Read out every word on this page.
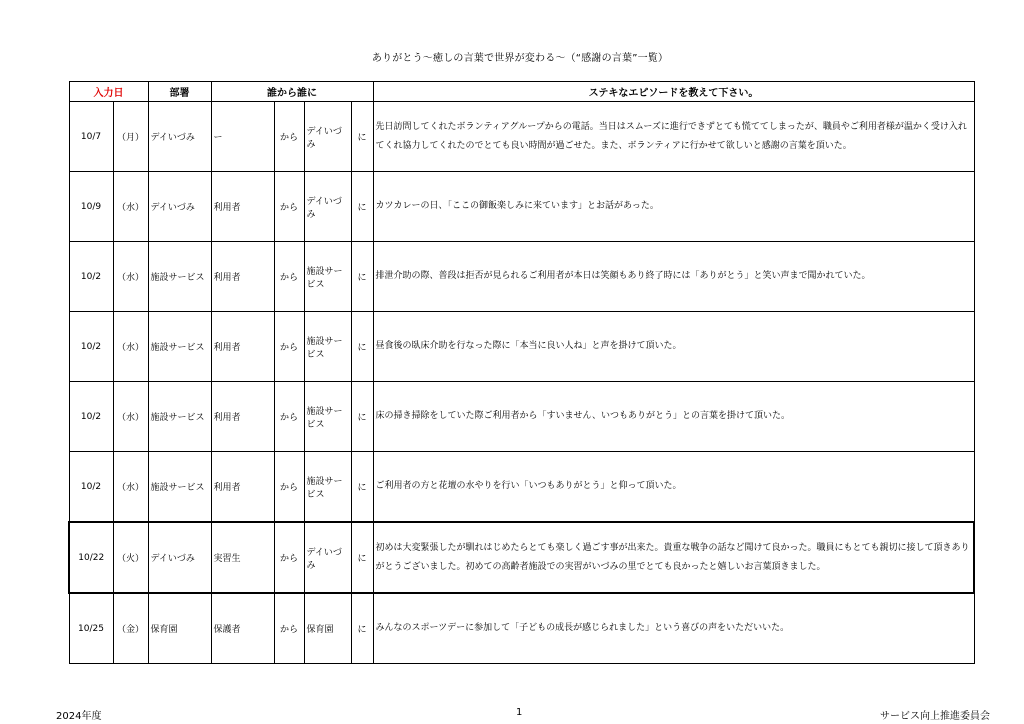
ありがとう～癒しの言葉で世界が変わる～（“感謝の言葉”一覧）
入力日		部署	誰から誰に				ステキなエピソードを教えて下さい。
10/7	（月）	デイいづみ	ー	から	デイいづみ	に	先日訪問してくれたボランティアグループからの電話。当日はスムーズに進行できずとても慌ててしまったが、職員やご利用者様が温かく受け入れてくれ協力してくれたのでとても良い時間が過ごせた。また、ボランティアに行かせて欲しいと感謝の言葉を頂いた。
10/9	（水）	デイいづみ	利用者	から	デイいづみ	に	カツカレーの日、「ここの御飯楽しみに来ています」とお話があった。
10/2	（水）	施設サービス	利用者	から	施設サービス	に	排泄介助の際、普段は拒否が見られるご利用者が本日は笑顔もあり終了時には「ありがとう」と笑い声まで聞かれていた。
10/2	（水）	施設サービス	利用者	から	施設サービス	に	昼食後の臥床介助を行なった際に「本当に良い人ね」と声を掛けて頂いた。
10/2	（水）	施設サービス	利用者	から	施設サービス	に	床の掃き掃除をしていた際ご利用者から「すいません、いつもありがとう」との言葉を掛けて頂いた。
10/2	（水）	施設サービス	利用者	から	施設サービス	に	ご利用者の方と花壇の水やりを行い「いつもありがとう」と仰って頂いた。
10/22	（火）	デイいづみ	実習生	から	デイいづみ	に	初めは大変緊張したが馴れはじめたらとても楽しく過ごす事が出来た。貴重な戦争の話など聞けて良かった。職員にもとても親切に接して頂きありがとうございました。初めての高齢者施設での実習がいづみの里でとても良かったと嬉しいお言葉頂きました。
10/25	（金）	保育園	保護者	から	保育園	に	みんなのスポーツデーに参加して「子どもの成長が感じられました」という喜びの声をいただいいた。
2024年度	1	サービス向上推進委員会
